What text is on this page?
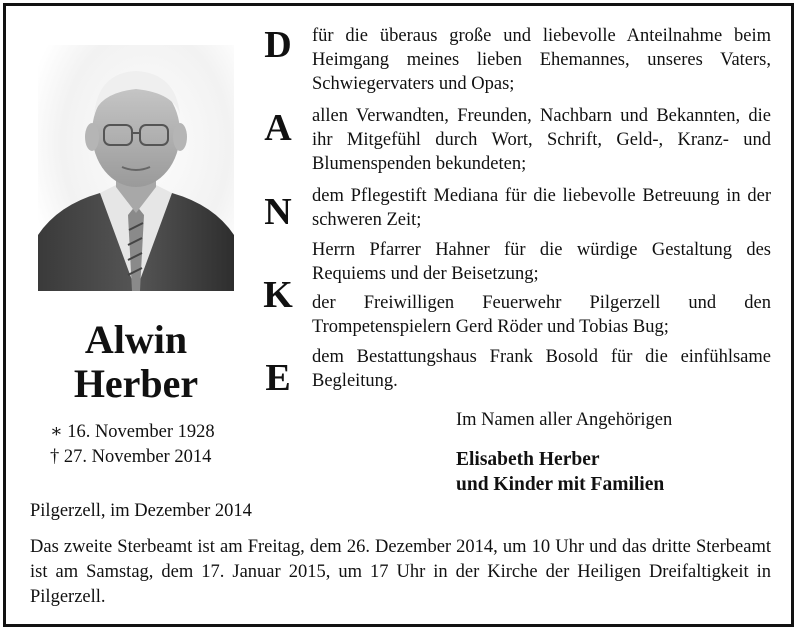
Alwin
Herber
∗ 16. November 1928
† 27. November 2014
D
A
N
K
E
für die überaus große und liebevolle Anteilnahme beim Heimgang meines lieben Ehemannes, unseres Vaters, Schwiegervaters und Opas;
allen Verwandten, Freunden, Nachbarn und Bekannten, die ihr Mitgefühl durch Wort, Schrift, Geld-, Kranz- und Blumenspenden bekundeten;
dem Pflegestift Mediana für die liebevolle Betreuung in der schweren Zeit;
Herrn Pfarrer Hahner für die würdige Gestaltung des Requiems und der Beisetzung;
der Freiwilligen Feuerwehr Pilgerzell und den Trompetenspielern Gerd Röder und Tobias Bug;
dem Bestattungshaus Frank Bosold für die einfühlsame Begleitung.
Im Namen aller Angehörigen
Elisabeth Herber
und Kinder mit Familien
Pilgerzell, im Dezember 2014
Das zweite Sterbeamt ist am Freitag, dem 26. Dezember 2014, um 10 Uhr und das dritte Sterbeamt ist am Samstag, dem 17. Januar 2015, um 17 Uhr in der Kirche der Heiligen Dreifaltigkeit in Pilgerzell.
